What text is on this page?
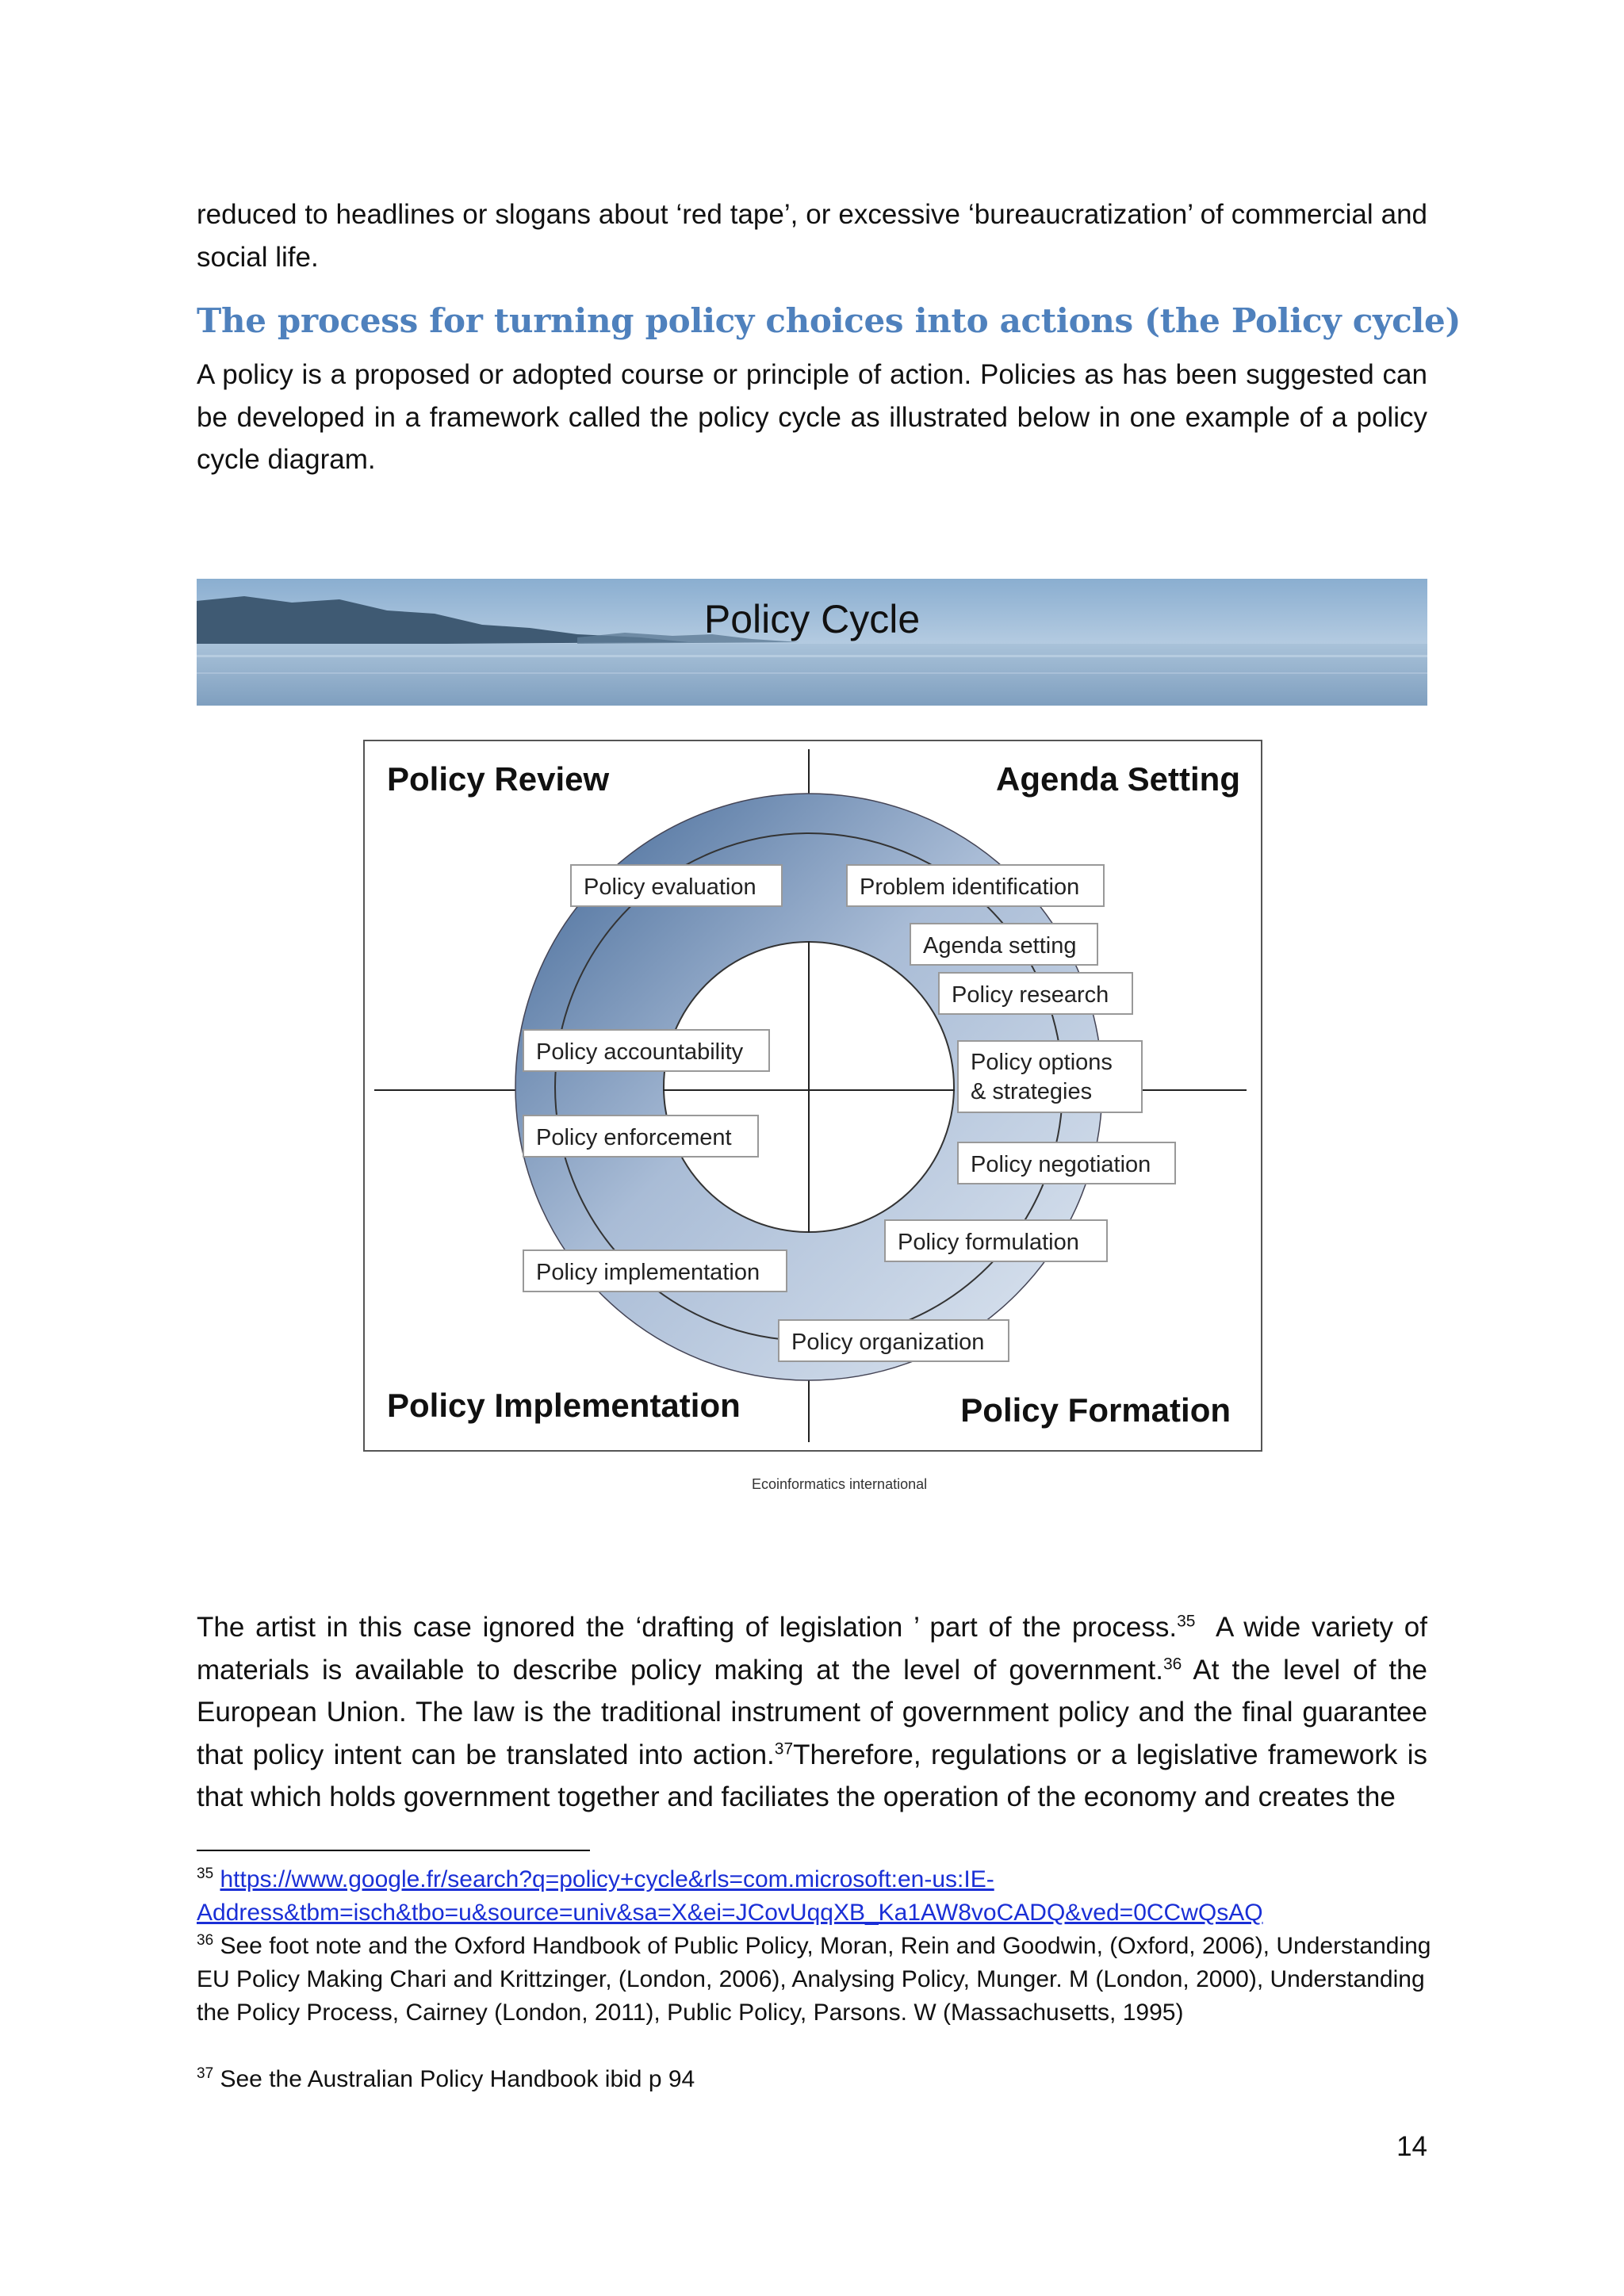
reduced to headlines or slogans about ‘red tape’, or excessive ‘bureaucratization’ of commercial and social life.

The process for turning policy choices into actions (the Policy cycle)

A policy is a proposed or adopted course or principle of action. Policies as has been suggested can be developed in a framework called the policy cycle as illustrated below in one example of a policy cycle diagram.

Policy Cycle
Policy evaluation	Problem identification
Agenda setting
Policy research
Policy accountability	Policy options
& strategies
Policy enforcement
Policy negotiation
Policy formulation
Policy implementation
Policy organization
Policy Review	Agenda Setting
Policy Implementation	Policy Formation
Ecoinformatics international

The artist in this case ignored the ‘drafting of legislation ’ part of the process.$^{35}$ A wide variety of materials is available to describe policy making at the level of government.$^{36}$ At the level of the European Union. The law is the traditional instrument of government policy and the final guarantee that policy intent can be translated into action.$^{37}$Therefore, regulations or a legislative framework is that which holds government together and faciliates the operation of the economy and creates the

$^{35}$ https://www.google.fr/search?q=policy+cycle&rls=com.microsoft:en-us:IE-
Address&tbm=isch&tbo=u&source=univ&sa=X&ei=JCovUqqXB_Ka1AW8voCADQ&ved=0CCwQsAQ

$^{36}$ See foot note and the Oxford Handbook of Public Policy, Moran, Rein and Goodwin, (Oxford, 2006), Understanding EU Policy Making Chari and Krittzinger, (London, 2006), Analysing Policy, Munger. M (London, 2000), Understanding the Policy Process, Cairney (London, 2011), Public Policy, Parsons. W (Massachusetts, 1995)

$^{37}$ See the Australian Policy Handbook ibid p 94

14
